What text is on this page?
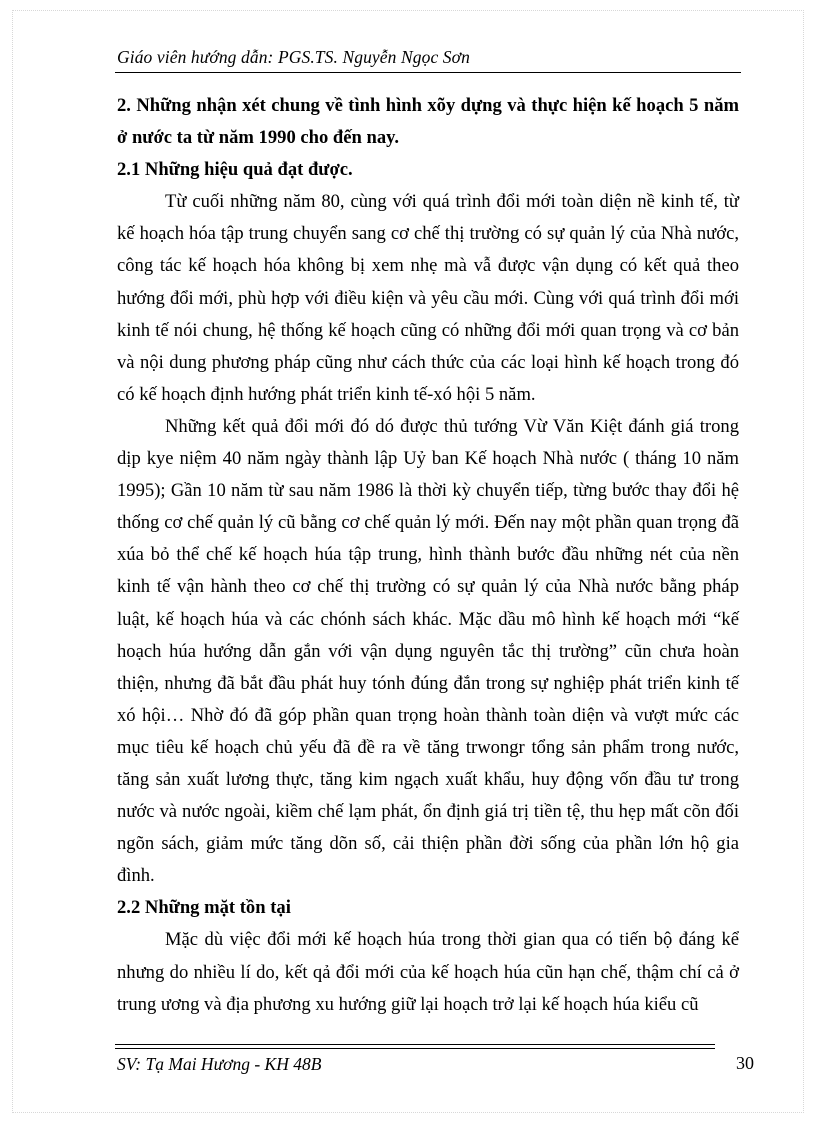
Giáo viên hướng dẫn: PGS.TS. Nguyễn Ngọc Sơn

2. Những nhận xét chung về tình hình xõy dựng và thực hiện kế hoạch 5 năm ở nước ta từ năm 1990 cho đến nay.

2.1 Những hiệu quả đạt được.

Từ cuối những năm 80, cùng với quá trình đổi mới toàn diện nề kinh tế, từ kế hoạch hóa tập trung chuyển sang cơ chế thị trường có sự quản lý của Nhà nước, công tác kế hoạch hóa không bị xem nhẹ mà vẫ được vận dụng có kết quả theo hướng đổi mới, phù hợp với điều kiện và yêu cầu mới. Cùng với quá trình đổi mới kinh tế nói chung, hệ thống kế hoạch cũng có những đổi mới quan trọng và cơ bản và nội dung phương pháp cũng như cách thức của các loại hình kế hoạch trong đó có kế hoạch định hướng phát triển kinh tế-xó hội 5 năm.

Những kết quả đổi mới đó dó được thủ tướng Vừ Văn Kiệt đánh giá trong dịp kye niệm 40 năm ngày thành lập Uỷ ban Kế hoạch Nhà nước ( tháng 10 năm 1995); Gần 10 năm từ sau năm 1986 là thời kỳ chuyển tiếp, từng bước thay đổi hệ thống cơ chế quản lý cũ bằng cơ chế quản lý mới. Đến nay một phần quan trọng đã xúa bỏ thể chế kế hoạch húa tập trung, hình thành bước đầu những nét của nền kinh tế vận hành theo cơ chế thị trường có sự quản lý của Nhà nước bằng pháp luật, kế hoạch húa và các chónh sách khác. Mặc dầu mô hình kế hoạch mới “kế hoạch húa hướng dẫn gắn với vận dụng nguyên tắc thị trường” cũn chưa hoàn thiện, nhưng đã bắt đầu phát huy tónh đúng đắn trong sự nghiệp phát triển kinh tế xó hội… Nhờ đó đã góp phần quan trọng hoàn thành toàn diện và vượt mức các mục tiêu kế hoạch chủ yếu đã đề ra về tăng trwongr tổng sản phẩm trong nước, tăng sản xuất lương thực, tăng kim ngạch xuất khẩu, huy động vốn đầu tư trong nước và nước ngoài, kiềm chế lạm phát, ổn định giá trị tiền tệ, thu hẹp mất cõn đối ngõn sách, giảm mức tăng dõn số, cải thiện phần đời sống của phần lớn hộ gia đình.

2.2 Những mặt tồn tại

Mặc dù việc đổi mới kế hoạch húa trong thời gian qua có tiến bộ đáng kể nhưng do nhiều lí do, kết qả đổi mới của kế hoạch húa cũn hạn chế, thậm chí cả ở trung ương và địa phương xu hướng giữ lại hoạch trở lại kế hoạch húa kiểu cũ

SV: Tạ Mai Hương - KH 48B	30
